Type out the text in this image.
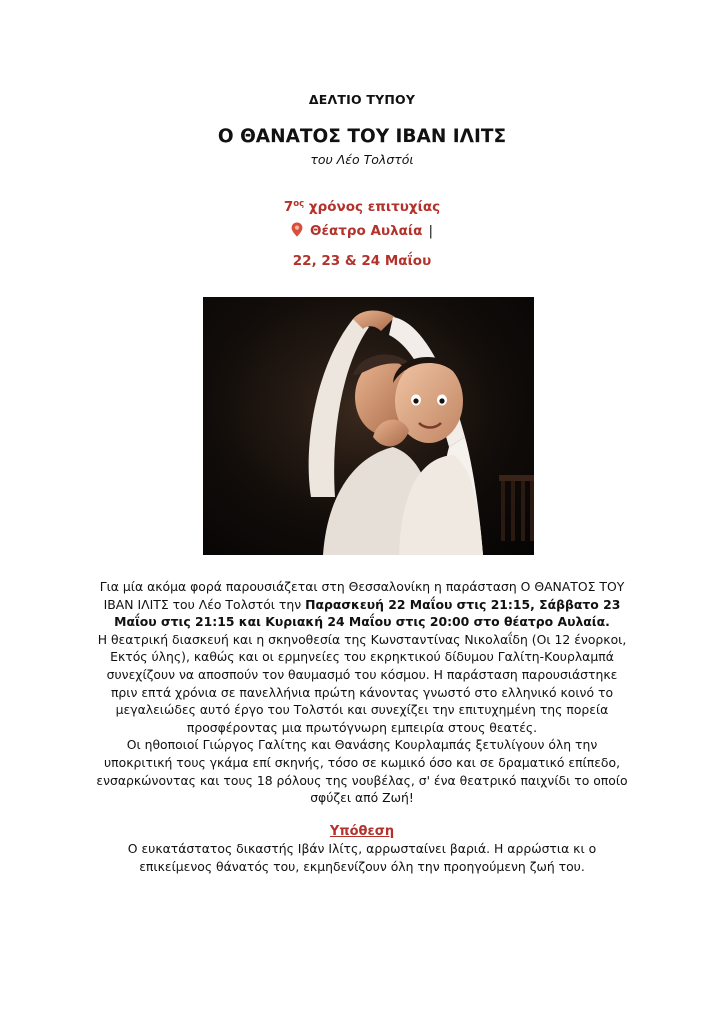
ΔΕΛΤΙΟ ΤΥΠΟΥ
Ο ΘΑΝΑΤΟΣ ΤΟΥ ΙΒΑΝ ΙΛΙΤΣ
του Λέο Τολστόι
$7^{o\varsigma}$ χρόνος επιτυχίας
Θέατρο Αυλαία |
22, 23 & 24 Μαΐου

Για μία ακόμα φορά παρουσιάζεται στη Θεσσαλονίκη η παράσταση Ο ΘΑΝΑΤΟΣ ΤΟΥ ΙΒΑΝ ΙΛΙΤΣ του Λέο Τολστόι την Παρασκευή 22 Μαΐου στις 21:15, Σάββατο 23 Μαΐου στις 21:15 και Κυριακή 24 Μαΐου στις 20:00 στο θέατρο Αυλαία.

Η θεατρική διασκευή και η σκηνοθεσία της Κωνσταντίνας Νικολαΐδη (Οι 12 ένορκοι, Εκτός ύλης), καθώς και οι ερμηνείες του εκρηκτικού δίδυμου Γαλίτη-Κουρλαμπά συνεχίζουν να αποσπούν τον θαυμασμό του κόσμου. Η παράσταση παρουσιάστηκε πριν επτά χρόνια σε πανελλήνια πρώτη κάνοντας γνωστό στο ελληνικό κοινό το μεγαλειώδες αυτό έργο του Τολστόι και συνεχίζει την επιτυχημένη της πορεία προσφέροντας μια πρωτόγνωρη εμπειρία στους θεατές.

Οι ηθοποιοί Γιώργος Γαλίτης και Θανάσης Κουρλαμπάς ξετυλίγουν όλη την υποκριτική τους γκάμα επί σκηνής, τόσο σε κωμικό όσο και σε δραματικό επίπεδο, ενσαρκώνοντας και τους 18 ρόλους της νουβέλας, σ' ένα θεατρικό παιχνίδι το οποίο σφύζει από Ζωή!

Υπόθεση

Ο ευκατάστατος δικαστής Ιβάν Ιλίτς, αρρωσταίνει βαριά. Η αρρώστια κι ο επικείμενος θάνατός του, εκμηδενίζουν όλη την προηγούμενη ζωή του.
